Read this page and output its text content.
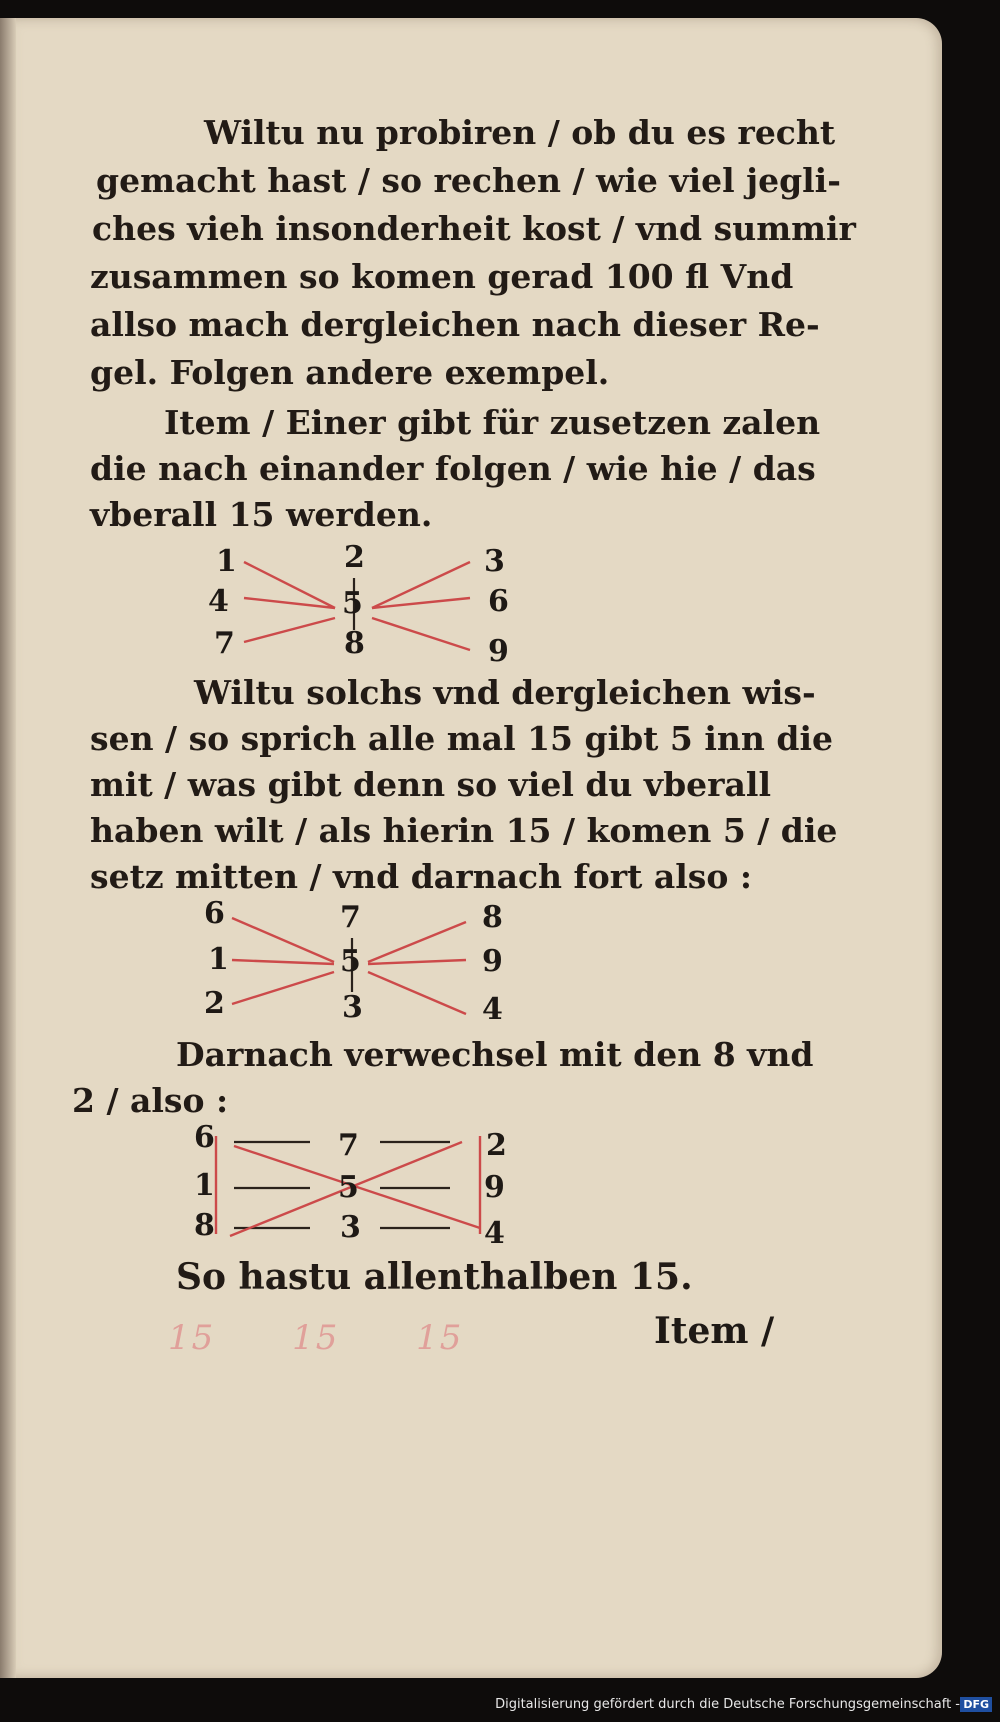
Wiltu nu probiren / ob du es recht
gemacht hast / so rechen / wie viel jegli-
ches vieh insonderheit kost / vnd summir
zusammen so komen gerad 100 fl Vnd
allso mach dergleichen nach dieser Re-
gel. Folgen andere exempel.
Item / Einer gibt für zusetzen zalen
die nach einander folgen / wie hie / das
vberall 15 werden.
1	2	3
4	5	6
7	8	9
Wiltu solchs vnd dergleichen wis-
sen / so sprich alle mal 15 gibt 5 inn die
mit / was gibt denn so viel du vberall
haben wilt / als hierin 15 / komen 5 / die
setz mitten / vnd darnach fort also :
6	7	8
1	5	9
2	3	4
Darnach verwechsel mit den 8 vnd
2 / also :
6	7	2
1	5	9
8	3	4
So hastu allenthalben 15.
15 15 15	Item /
Digitalisierung gefördert durch die Deutsche Forschungsgemeinschaft - DFG
